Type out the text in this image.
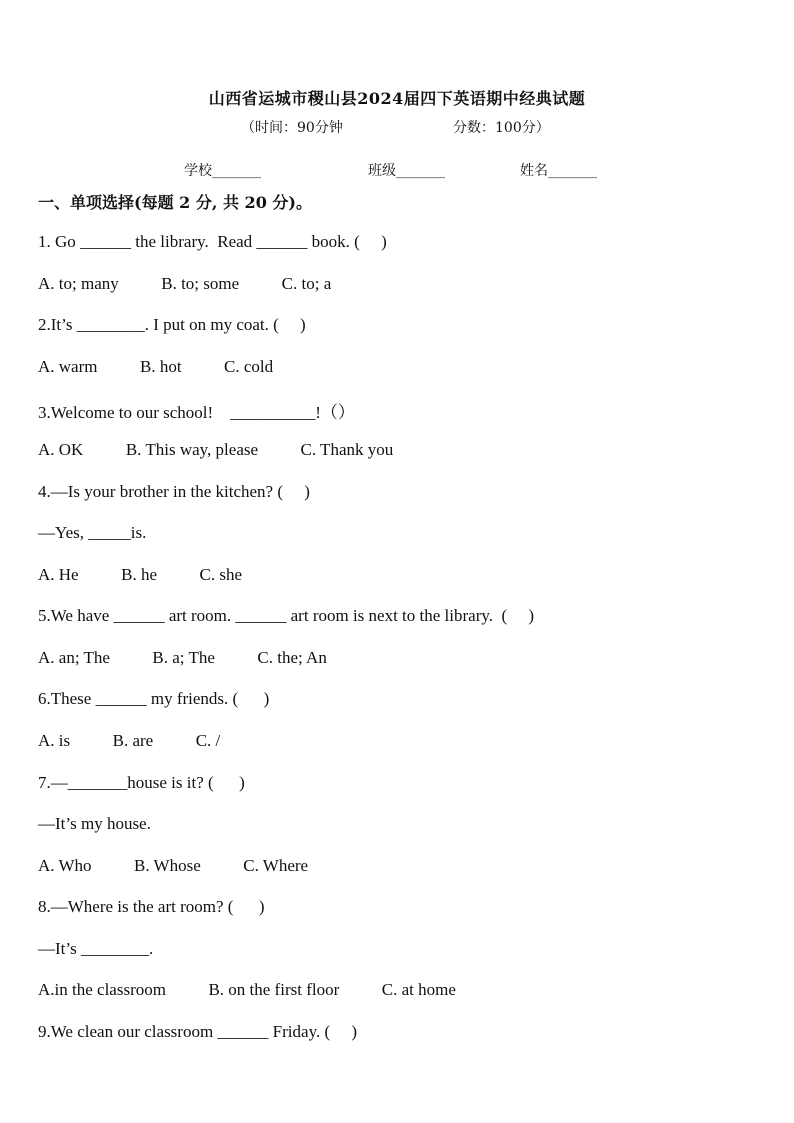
山西省运城市稷山县2024届四下英语期中经典试题
（时间：90分钟	分数：100分）
学校_______	班级_______	姓名_______
一、单项选择(每题 2 分, 共 20 分)。
1. Go ______ the library.  Read ______ book. (     )
A. to; many          B. to; some          C. to; a
2.It’s ________. I put on my coat. (     )
A. warm          B. hot          C. cold
3.Welcome to our school!    __________!（）
A. OK          B. This way, please          C. Thank you
4.—Is your brother in the kitchen? (     )
—Yes, _____is.
A. He          B. he          C. she
5.We have ______ art room. ______ art room is next to the library.  (     )
A. an; The          B. a; The          C. the; An
6.These ______ my friends. (      )
A. is          B. are          C. /
7.—_______house is it? (      )
—It’s my house.
A. Who          B. Whose          C. Where
8.—Where is the art room? (      )
—It’s ________.
A.in the classroom          B. on the first floor          C. at home
9.We clean our classroom ______ Friday. (     )
